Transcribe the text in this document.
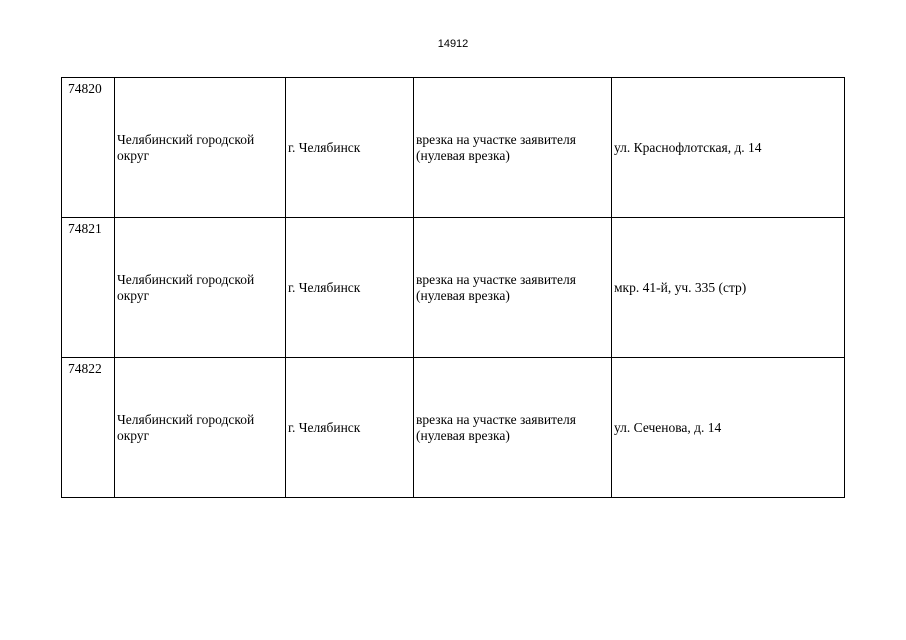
14912
74820	Челябинский городской округ	г. Челябинск	врезка на участке заявителя (нулевая врезка)	ул. Краснофлотская, д. 14
74821	Челябинский городской округ	г. Челябинск	врезка на участке заявителя (нулевая врезка)	мкр. 41-й, уч. 335 (стр)
74822	Челябинский городской округ	г. Челябинск	врезка на участке заявителя (нулевая врезка)	ул. Сеченова, д. 14
